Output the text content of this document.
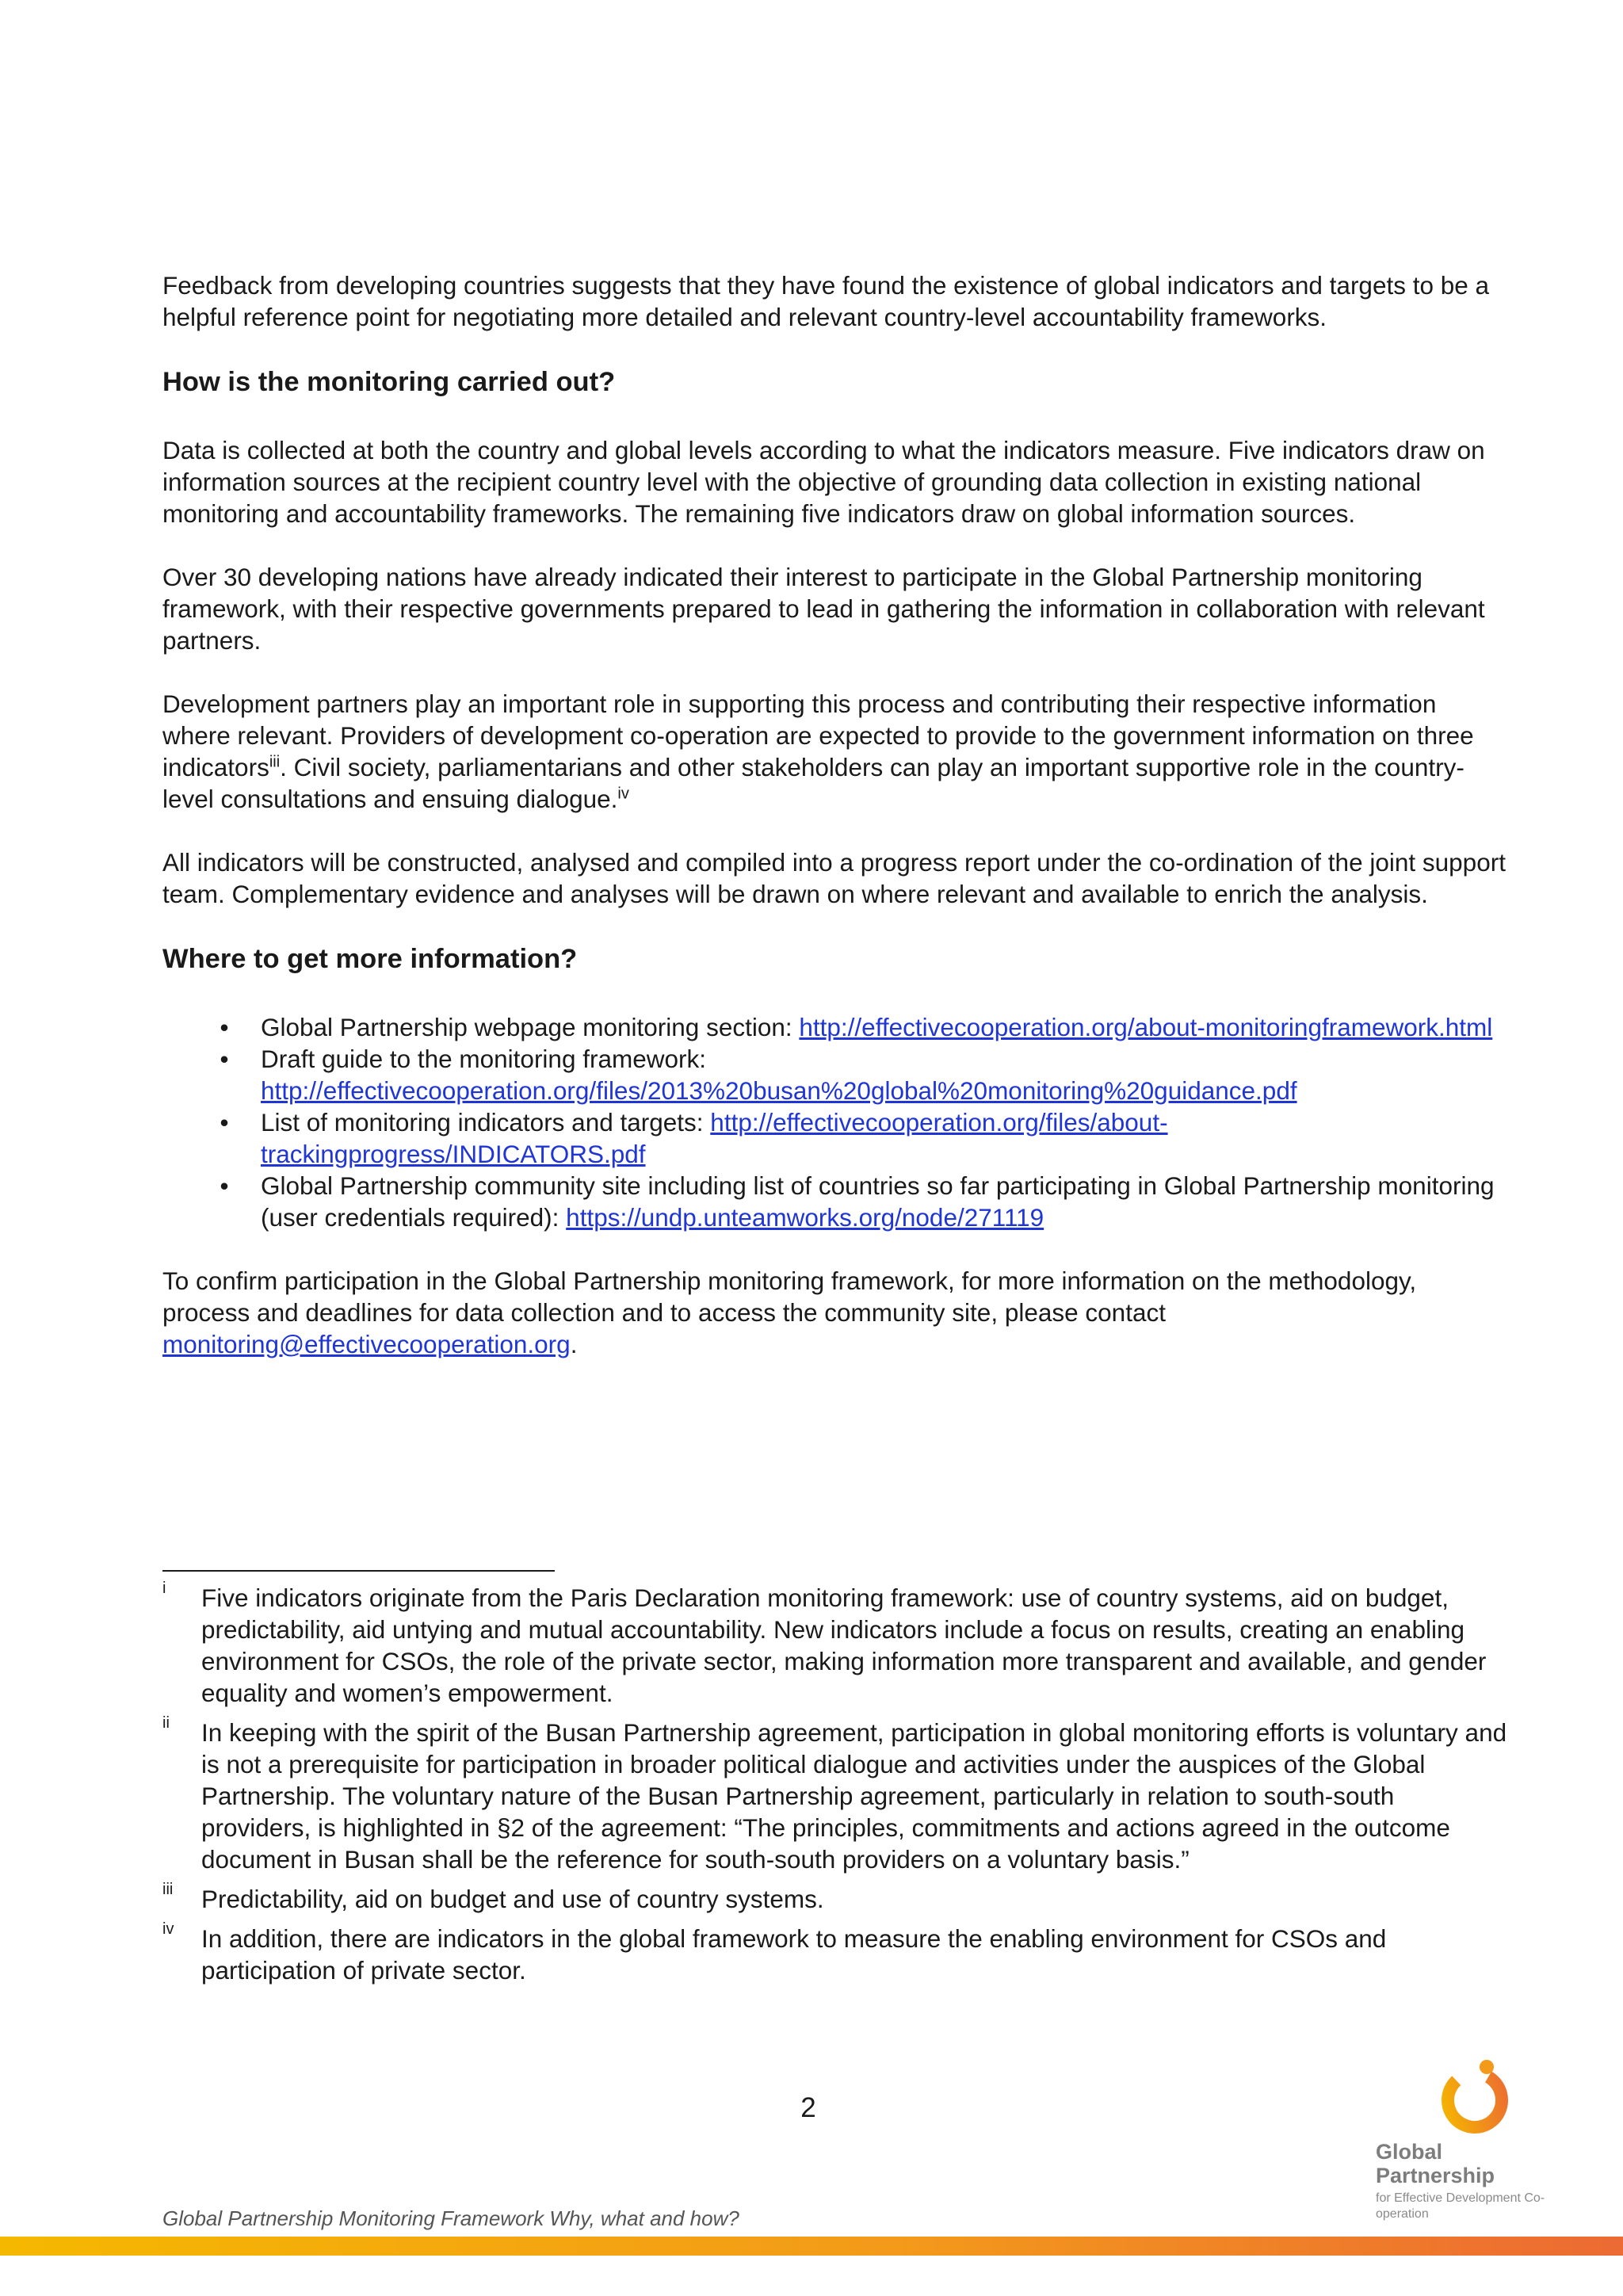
Feedback from developing countries suggests that they have found the existence of global indicators and targets to be a helpful reference point for negotiating more detailed and relevant country-level accountability frameworks.

How is the monitoring carried out?

Data is collected at both the country and global levels according to what the indicators measure. Five indicators draw on information sources at the recipient country level with the objective of grounding data collection in existing national monitoring and accountability frameworks. The remaining five indicators draw on global information sources.

Over 30 developing nations have already indicated their interest to participate in the Global Partnership monitoring framework, with their respective governments prepared to lead in gathering the information in collaboration with relevant partners.

Development partners play an important role in supporting this process and contributing their respective information where relevant. Providers of development co-operation are expected to provide to the government information on three indicators$^{iii}$. Civil society, parliamentarians and other stakeholders can play an important supportive role in the country-level consultations and ensuing dialogue.$^{iv}$

All indicators will be constructed, analysed and compiled into a progress report under the co-ordination of the joint support team. Complementary evidence and analyses will be drawn on where relevant and available to enrich the analysis.

Where to get more information?
•	Global Partnership webpage monitoring section: http://effectivecooperation.org/about-monitoringframework.html
•	Draft guide to the monitoring framework:
http://effectivecooperation.org/files/2013%20busan%20global%20monitoring%20guidance.pdf
•	List of monitoring indicators and targets: http://effectivecooperation.org/files/about-trackingprogress/INDICATORS.pdf
•	Global Partnership community site including list of countries so far participating in Global Partnership monitoring (user credentials required): https://undp.unteamworks.org/node/271119

To confirm participation in the Global Partnership monitoring framework, for more information on the methodology, process and deadlines for data collection and to access the community site, please contact monitoring@effectivecooperation.org.

i Five indicators originate from the Paris Declaration monitoring framework: use of country systems, aid on budget, predictability, aid untying and mutual accountability. New indicators include a focus on results, creating an enabling environment for CSOs, the role of the private sector, making information more transparent and available, and gender equality and women’s empowerment.
ii In keeping with the spirit of the Busan Partnership agreement, participation in global monitoring efforts is voluntary and is not a prerequisite for participation in broader political dialogue and activities under the auspices of the Global Partnership. The voluntary nature of the Busan Partnership agreement, particularly in relation to south-south providers, is highlighted in §2 of the agreement: “The principles, commitments and actions agreed in the outcome document in Busan shall be the reference for south-south providers on a voluntary basis.”
iii Predictability, aid on budget and use of country systems.
iv In addition, there are indicators in the global framework to measure the enabling environment for CSOs and participation of private sector.
2
Global Partnership
for Effective Development Co-operation
Global Partnership Monitoring Framework Why, what and how?
